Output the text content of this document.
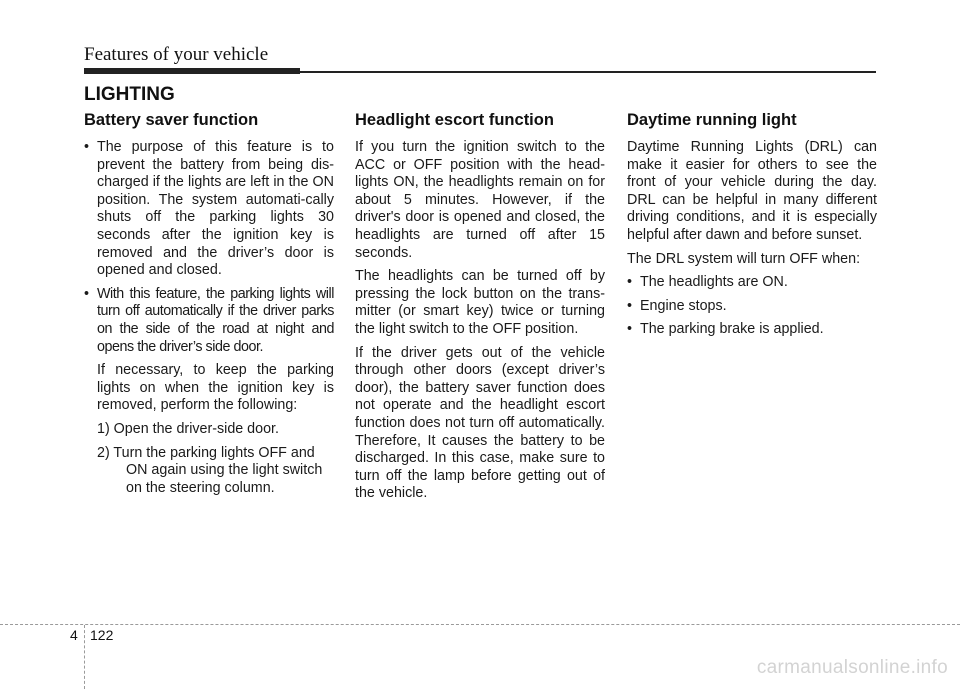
Features of your vehicle
LIGHTING
Battery saver function

• The purpose of this feature is to prevent the battery from being dis-charged if the lights are left in the ON position. The system automati-cally shuts off the parking lights 30 seconds after the ignition key is removed and the driver’s door is opened and closed.

• With this feature, the parking lights will turn off automatically if the driver parks on the side of the road at night and opens the driver’s side door.

If necessary, to keep the parking lights on when the ignition key is removed, perform the following:

1) Open the driver-side door.

2) Turn the parking lights OFF and ON again using the light switch on the steering column.

Headlight escort function

If you turn the ignition switch to the ACC or OFF position with the head-lights ON, the headlights remain on for about 5 minutes. However, if the driver's door is opened and closed, the headlights are turned off after 15 seconds.

The headlights can be turned off by pressing the lock button on the trans-mitter (or smart key) twice or turning the light switch to the OFF position.

If the driver gets out of the vehicle through other doors (except driver’s door), the battery saver function does not operate and the headlight escort function does not turn off automatically. Therefore, It causes the battery to be discharged. In this case, make sure to turn off the lamp before getting out of the vehicle.

Daytime running light

Daytime Running Lights (DRL) can make it easier for others to see the front of your vehicle during the day. DRL can be helpful in many different driving conditions, and it is especially helpful after dawn and before sunset.

The DRL system will turn OFF when:

• The headlights are ON.

• Engine stops.

• The parking brake is applied.

4 122
carmanualsonline.info
